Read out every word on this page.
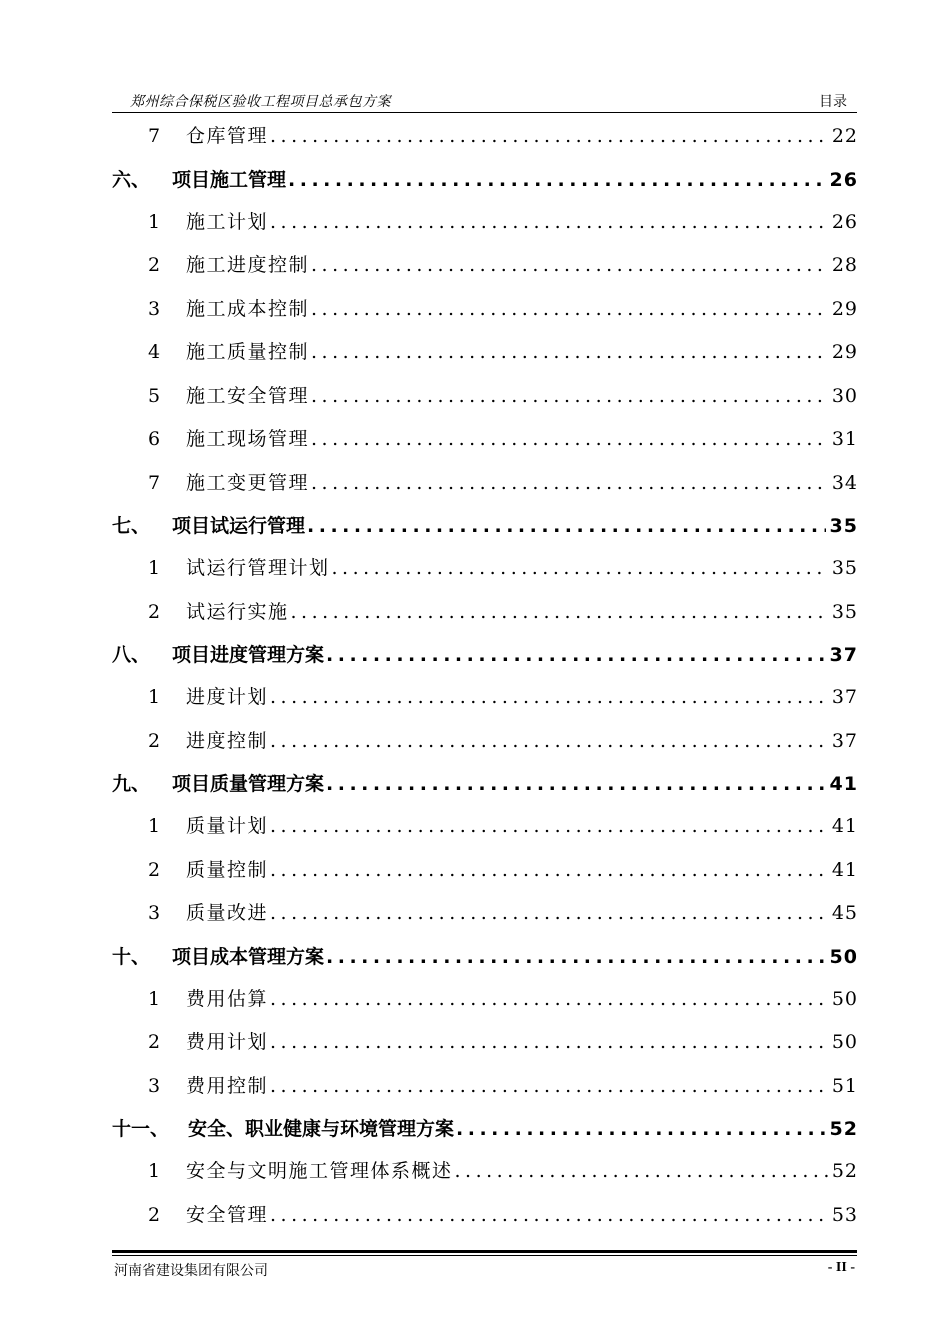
郑州综合保税区验收工程项目总承包方案	目录
7	仓库管理 .....	22
六、	项目施工管理 .....	26
1	施工计划 .....	26
2	施工进度控制 .....	28
3	施工成本控制 .....	29
4	施工质量控制 .....	29
5	施工安全管理 .....	30
6	施工现场管理 .....	31
7	施工变更管理 .....	34
七、	项目试运行管理 .....	35
1	试运行管理计划 .....	35
2	试运行实施 .....	35
八、	项目进度管理方案 .....	37
1	进度计划 .....	37
2	进度控制 .....	37
九、	项目质量管理方案 .....	41
1	质量计划 .....	41
2	质量控制 .....	41
3	质量改进 .....	45
十、	项目成本管理方案 .....	50
1	费用估算 .....	50
2	费用计划 .....	50
3	费用控制 .....	51
十一、 安全、职业健康与环境管理方案 .....	52
1	安全与文明施工管理体系概述 .....	52
2	安全管理 .....	53
河南省建设集团有限公司	- II -
